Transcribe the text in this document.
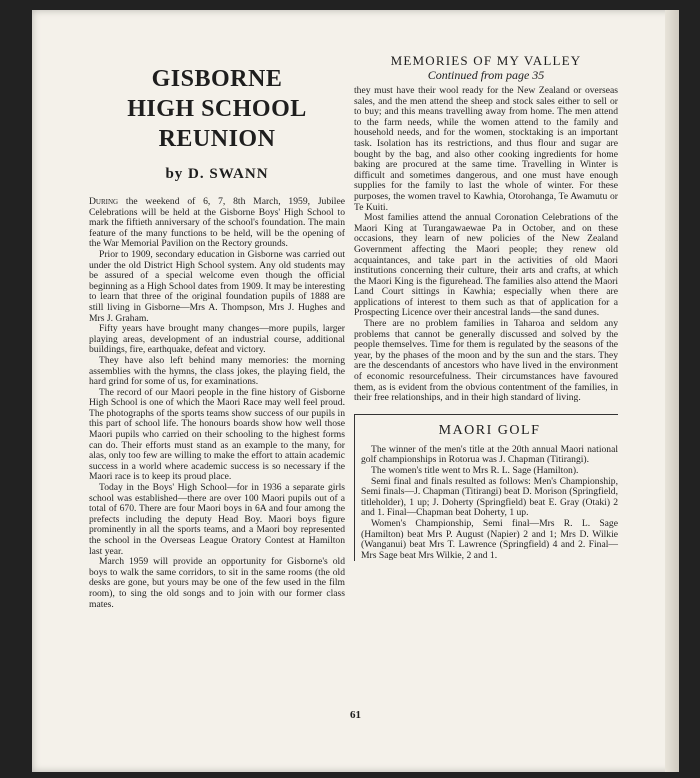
GISBORNE
HIGH SCHOOL
REUNION
by D. SWANN

During the weekend of 6, 7, 8th March, 1959, Jubilee Celebrations will be held at the Gisborne Boys' High School to mark the fiftieth anniversary of the school's foundation. The main feature of the many functions to be held, will be the opening of the War Memorial Pavilion on the Rectory grounds.

Prior to 1909, secondary education in Gisborne was carried out under the old District High School system. Any old students may be assured of a special welcome even though the official beginning as a High School dates from 1909. It may be interesting to learn that three of the original foundation pupils of 1888 are still living in Gisborne—Mrs A. Thompson, Mrs J. Hughes and Mrs J. Graham.

Fifty years have brought many changes—more pupils, larger playing areas, development of an industrial course, additional buildings, fire, earthquake, defeat and victory.

They have also left behind many memories: the morning assemblies with the hymns, the class jokes, the playing field, the hard grind for some of us, for examinations.

The record of our Maori people in the fine history of Gisborne High School is one of which the Maori Race may well feel proud. The photographs of the sports teams show success of our pupils in this part of school life. The honours boards show how well those Maori pupils who carried on their schooling to the highest forms can do. Their efforts must stand as an example to the many, for alas, only too few are willing to make the effort to attain academic success in a world where academic success is so necessary if the Maori race is to keep its proud place.

Today in the Boys' High School—for in 1936 a separate girls school was established—there are over 100 Maori pupils out of a total of 670. There are four Maori boys in 6A and four among the prefects including the deputy Head Boy. Maori boys figure prominently in all the sports teams, and a Maori boy represented the school in the Overseas League Oratory Contest at Hamilton last year.

March 1959 will provide an opportunity for Gisborne's old boys to walk the same corridors, to sit in the same rooms (the old desks are gone, but yours may be one of the few used in the film room), to sing the old songs and to join with our former class mates.

MEMORIES OF MY VALLEY
Continued from page 35

they must have their wool ready for the New Zealand or overseas sales, and the men attend the sheep and stock sales either to sell or to buy; and this means travelling away from home. The men attend to the farm needs, while the women attend to the family and household needs, and for the women, stocktaking is an important task. Isolation has its restrictions, and thus flour and sugar are bought by the bag, and also other cooking ingredients for home baking are procured at the same time. Travelling in Winter is difficult and sometimes dangerous, and one must have enough supplies for the family to last the whole of winter. For these purposes, the women travel to Kawhia, Otorohanga, Te Awamutu or Te Kuiti.

Most families attend the annual Coronation Celebrations of the Maori King at Turangawaewae Pa in October, and on these occasions, they learn of new policies of the New Zealand Government affecting the Maori people; they renew old acquaintances, and take part in the activities of old Maori institutions concerning their culture, their arts and crafts, at which the Maori King is the figurehead. The families also attend the Maori Land Court sittings in Kawhia; especially when there are applications of interest to them such as that of application for a Prospecting Licence over their ancestral lands—the sand dunes.

There are no problem families in Taharoa and seldom any problems that cannot be generally discussed and solved by the people themselves. Time for them is regulated by the seasons of the year, by the phases of the moon and by the sun and the stars. They are the descendants of ancestors who have lived in the environment of economic resourcefulness. Their circumstances have favoured them, as is evident from the obvious contentment of the families, in their free relationships, and in their high standard of living.

MAORI GOLF

The winner of the men's title at the 20th annual Maori national golf championships in Rotorua was J. Chapman (Titirangi).

The women's title went to Mrs R. L. Sage (Hamilton).

Semi final and finals resulted as follows: Men's Championship, Semi finals—J. Chapman (Titirangi) beat D. Morison (Springfield, titleholder), 1 up; J. Doherty (Springfield) beat E. Gray (Otaki) 2 and 1. Final—Chapman beat Doherty, 1 up.

Women's Championship, Semi final—Mrs R. L. Sage (Hamilton) beat Mrs P. August (Napier) 2 and 1; Mrs D. Wilkie (Wanganui) beat Mrs T. Lawrence (Springfield) 4 and 2. Final—Mrs Sage beat Mrs Wilkie, 2 and 1.

61
